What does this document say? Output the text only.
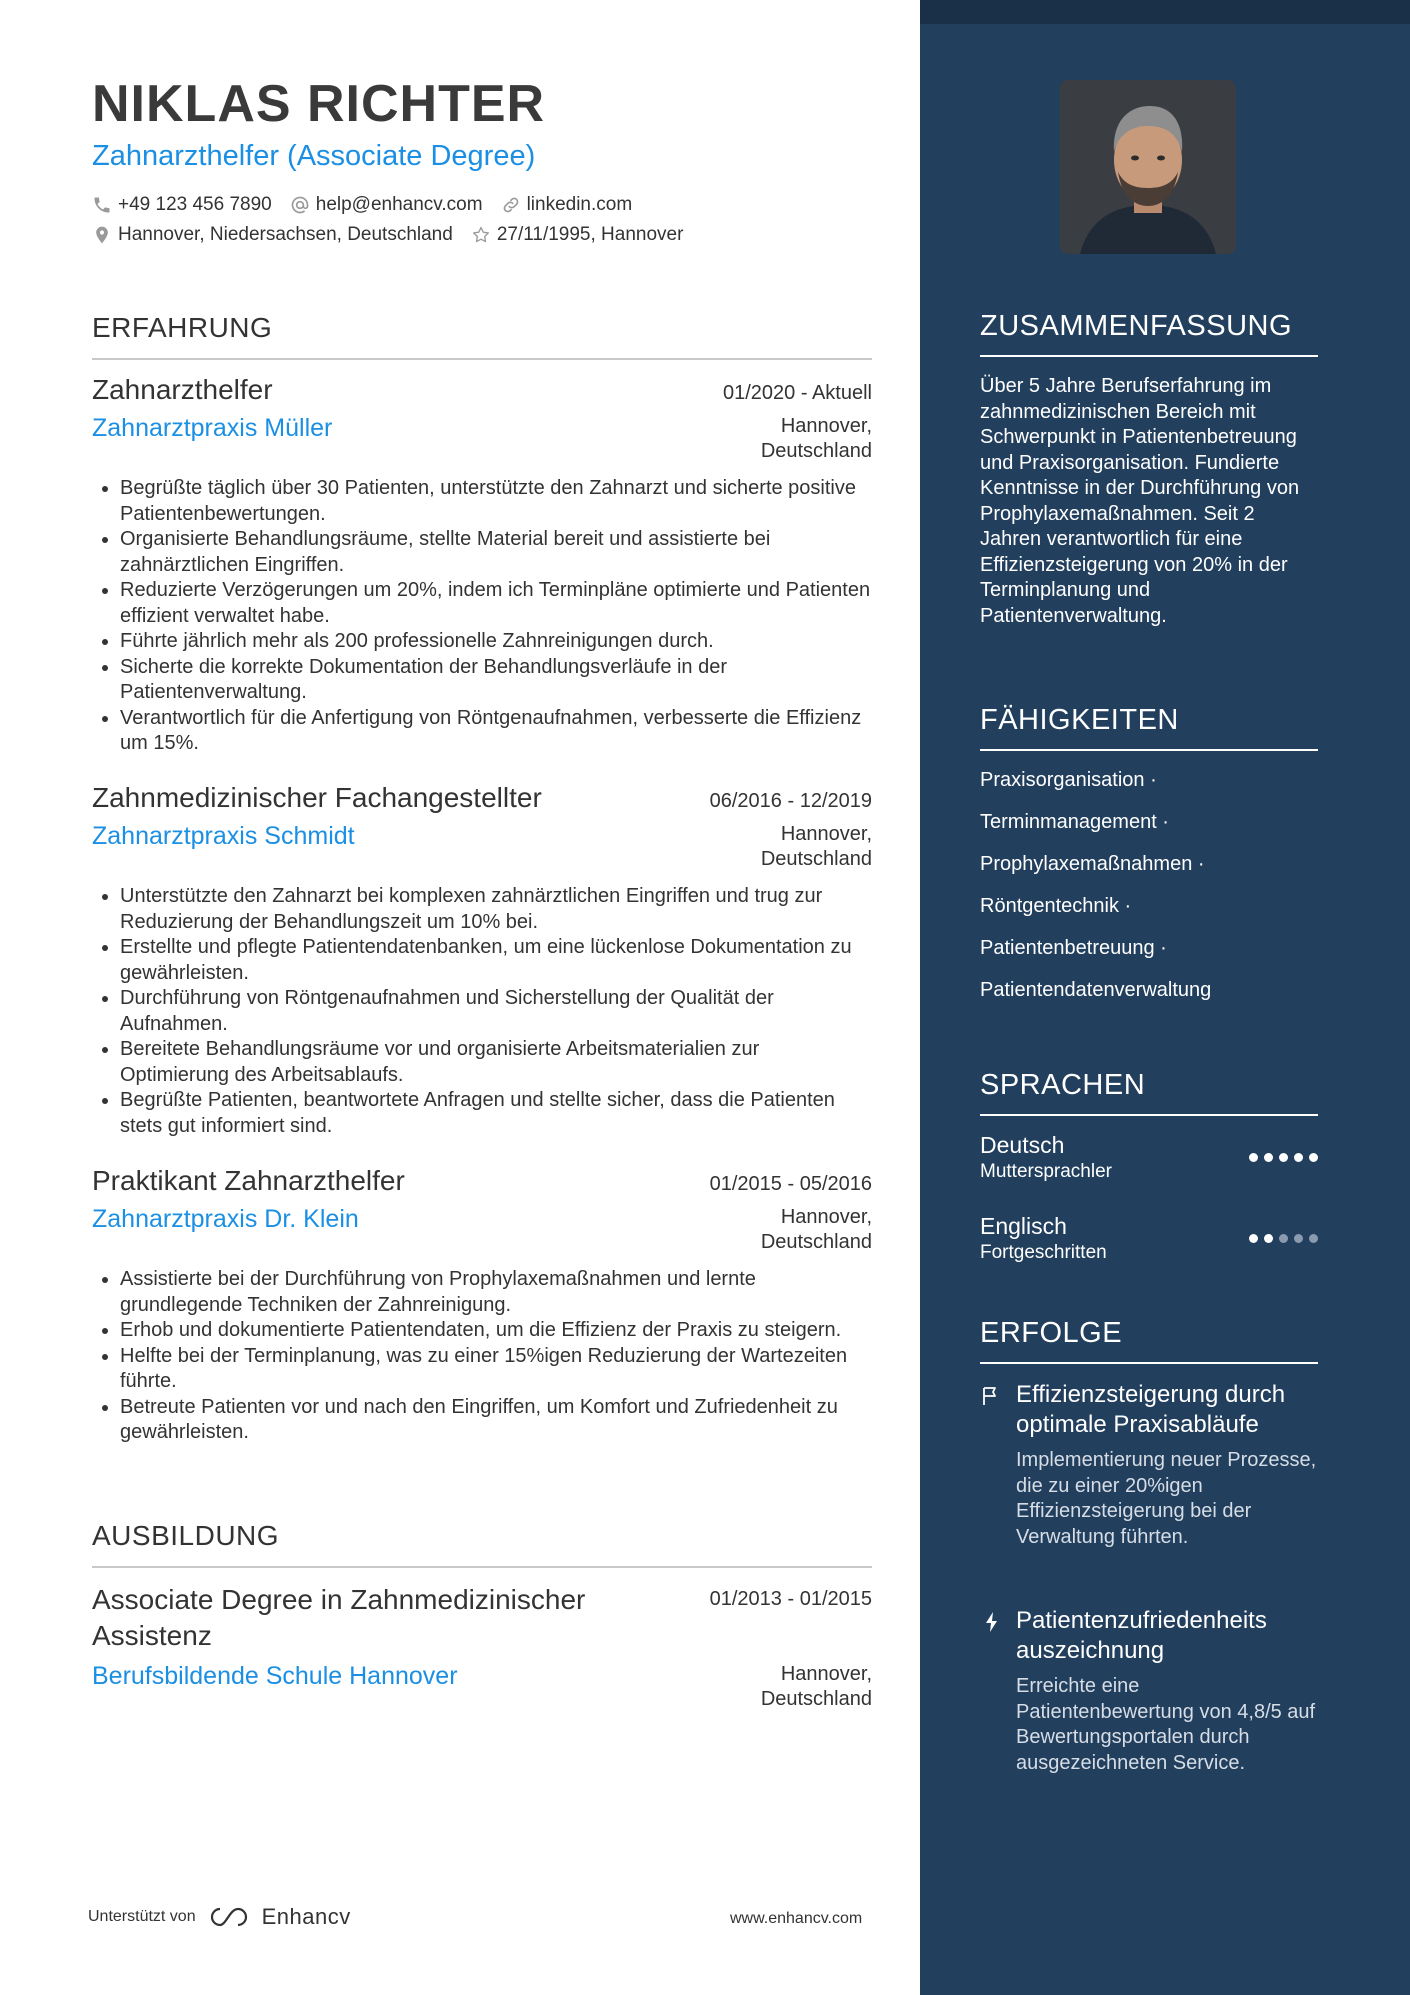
NIKLAS RICHTER
Zahnarzthelfer (Associate Degree)
+49 123 456 7890 help@enhancv.com linkedin.com
Hannover, Niedersachsen, Deutschland 27/11/1995, Hannover
ERFAHRUNG
Zahnarzthelfer	01/2020 - Aktuell
Zahnarztpraxis Müller	Hannover, Deutschland
• Begrüßte täglich über 30 Patienten, unterstützte den Zahnarzt und sicherte positive Patientenbewertungen.
• Organisierte Behandlungsräume, stellte Material bereit und assistierte bei zahnärztlichen Eingriffen.
• Reduzierte Verzögerungen um 20%, indem ich Terminpläne optimierte und Patienten effizient verwaltet habe.
• Führte jährlich mehr als 200 professionelle Zahnreinigungen durch.
• Sicherte die korrekte Dokumentation der Behandlungsverläufe in der Patientenverwaltung.
• Verantwortlich für die Anfertigung von Röntgenaufnahmen, verbesserte die Effizienz um 15%.
Zahnmedizinischer Fachangestellter	06/2016 - 12/2019
Zahnarztpraxis Schmidt	Hannover, Deutschland
• Unterstützte den Zahnarzt bei komplexen zahnärztlichen Eingriffen und trug zur Reduzierung der Behandlungszeit um 10% bei.
• Erstellte und pflegte Patientendatenbanken, um eine lückenlose Dokumentation zu gewährleisten.
• Durchführung von Röntgenaufnahmen und Sicherstellung der Qualität der Aufnahmen.
• Bereitete Behandlungsräume vor und organisierte Arbeitsmaterialien zur Optimierung des Arbeitsablaufs.
• Begrüßte Patienten, beantwortete Anfragen und stellte sicher, dass die Patienten stets gut informiert sind.
Praktikant Zahnarzthelfer	01/2015 - 05/2016
Zahnarztpraxis Dr. Klein	Hannover, Deutschland
• Assistierte bei der Durchführung von Prophylaxemaßnahmen und lernte grundlegende Techniken der Zahnreinigung.
• Erhob und dokumentierte Patientendaten, um die Effizienz der Praxis zu steigern.
• Helfte bei der Terminplanung, was zu einer 15%igen Reduzierung der Wartezeiten führte.
• Betreute Patienten vor und nach den Eingriffen, um Komfort und Zufriedenheit zu gewährleisten.
AUSBILDUNG
Associate Degree in Zahnmedizinischer Assistenz
01/2013 - 01/2015
Berufsbildende Schule Hannover	Hannover, Deutschland
ZUSAMMENFASSUNG
Über 5 Jahre Berufserfahrung im zahnmedizinischen Bereich mit Schwerpunkt in Patientenbetreuung und Praxisorganisation. Fundierte Kenntnisse in der Durchführung von Prophylaxemaßnahmen. Seit 2 Jahren verantwortlich für eine Effizienzsteigerung von 20% in der Terminplanung und Patientenverwaltung.
FÄHIGKEITEN
Praxisorganisation ·
Terminmanagement ·
Prophylaxemaßnahmen ·
Röntgentechnik ·
Patientenbetreuung ·
Patientendatenverwaltung
SPRACHEN
Deutsch
Muttersprachler
Englisch
Fortgeschritten
ERFOLGE
Effizienzsteigerung durch optimale Praxisabläufe
Implementierung neuer Prozesse, die zu einer 20%igen Effizienzsteigerung bei der Verwaltung führten.
Patientenzufriedenheits auszeichnung
Erreichte eine Patientenbewertung von 4,8/5 auf Bewertungsportalen durch ausgezeichneten Service.
Unterstützt von	Enhancv	www.enhancv.com
